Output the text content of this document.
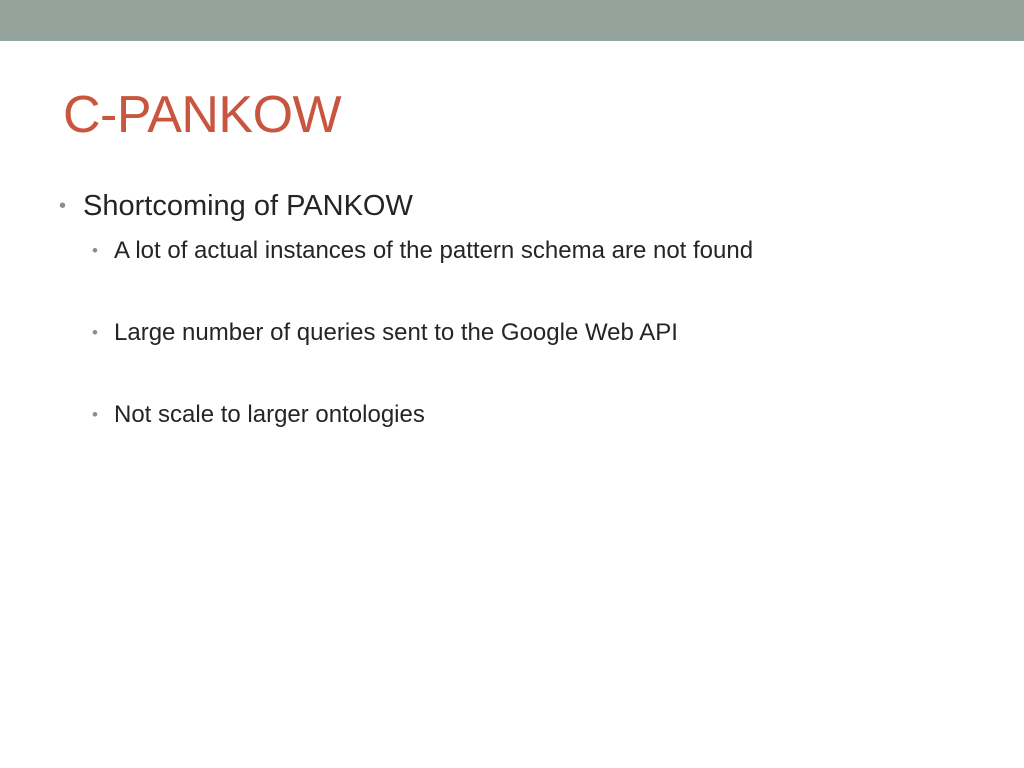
C-PANKOW
• Shortcoming of PANKOW
• A lot of actual instances of the pattern schema are not found
• Large number of queries sent to the Google Web API
• Not scale to larger ontologies
